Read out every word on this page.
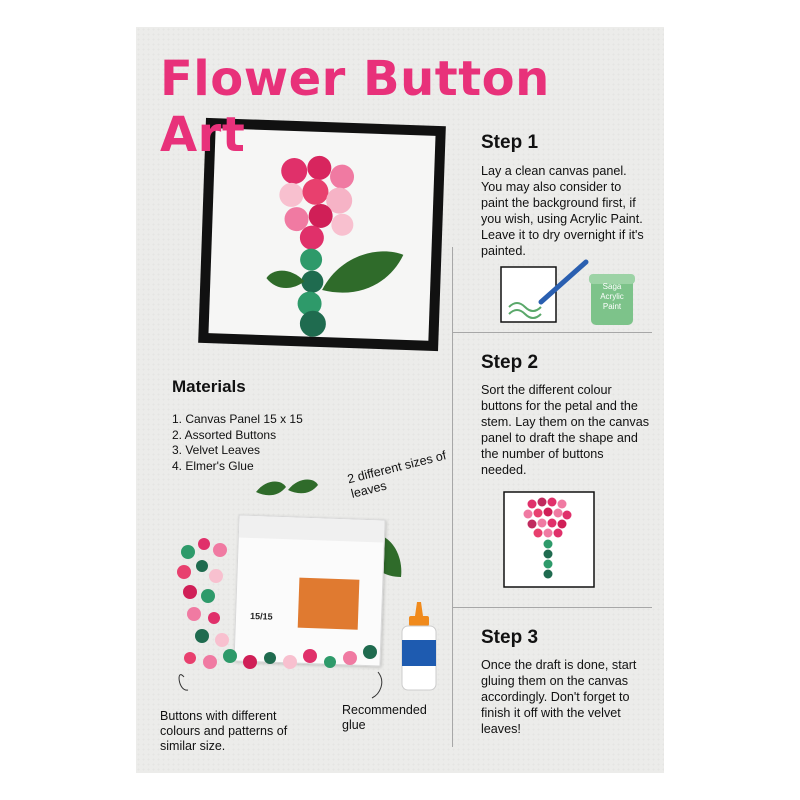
Flower Button
Art	Step 1
Lay a clean canvas panel. You may also consider to paint the background first, if you wish, using Acrylic Paint. Leave it to dry overnight if it's painted.
Saga
Acrylic
Paint
Step 2
Sort the different colour buttons for the petal and the stem. Lay them on the canvas panel to draft the shape and the number of buttons needed.
Step 3
Once the draft is done, start gluing them on the canvas accordingly. Don't forget to finish it off with the velvet leaves!
Materials
1. Canvas Panel 15 x 15
2. Assorted Buttons
3. Velvet Leaves
4. Elmer's Glue	2 different sizes of leaves
15/15
ELMER'S
Glue-All
Buttons with different colours and patterns of similar size.
Recommended glue
